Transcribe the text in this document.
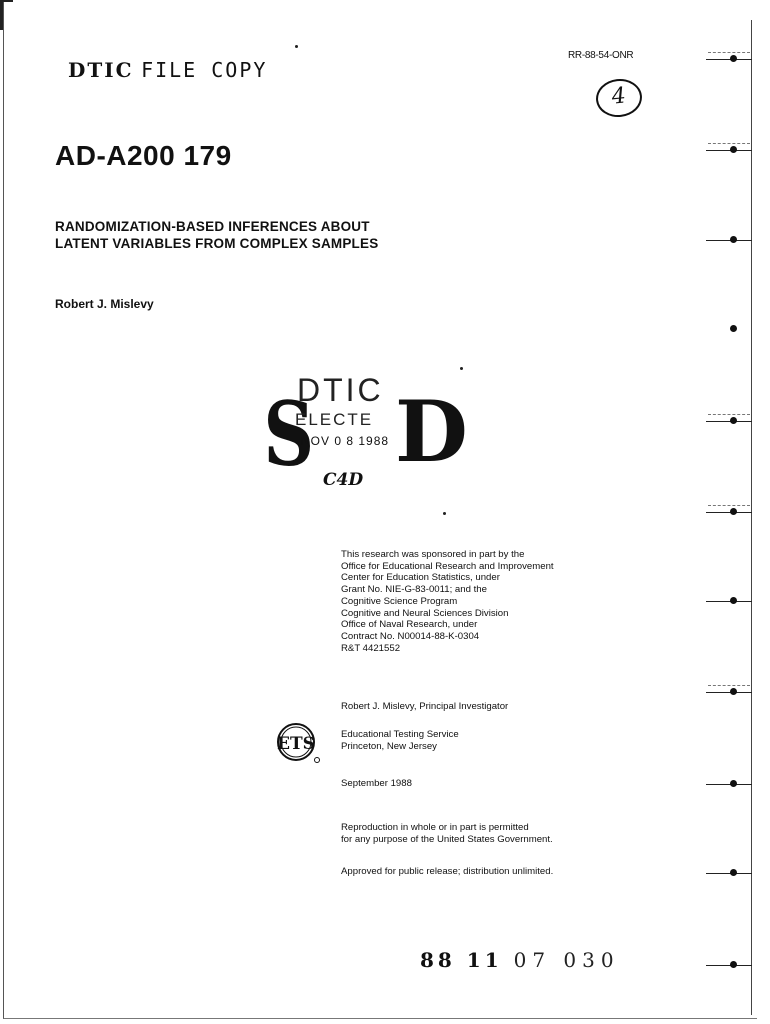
DTIC FILE COPY
RR-88-54-ONR
4
AD-A200 179
RANDOMIZATION-BASED INFERENCES ABOUT
LATENT VARIABLES FROM COMPLEX SAMPLES
Robert J. Mislevy
DTIC
S
ELECTE
NOV 0 8 1988 D
C4D
This research was sponsored in part by the
Office for Educational Research and Improvement
Center for Education Statistics, under
Grant No. NIE-G-83-0011; and the
Cognitive Science Program
Cognitive and Neural Sciences Division
Office of Naval Research, under
Contract No. N00014-88-K-0304
R&T 4421552
Robert J. Mislevy, Principal Investigator
ETS	Educational Testing Service
Princeton, New Jersey
September 1988
Reproduction in whole or in part is permitted
for any purpose of the United States Government.
Approved for public release; distribution unlimited.
88 11 07 030
